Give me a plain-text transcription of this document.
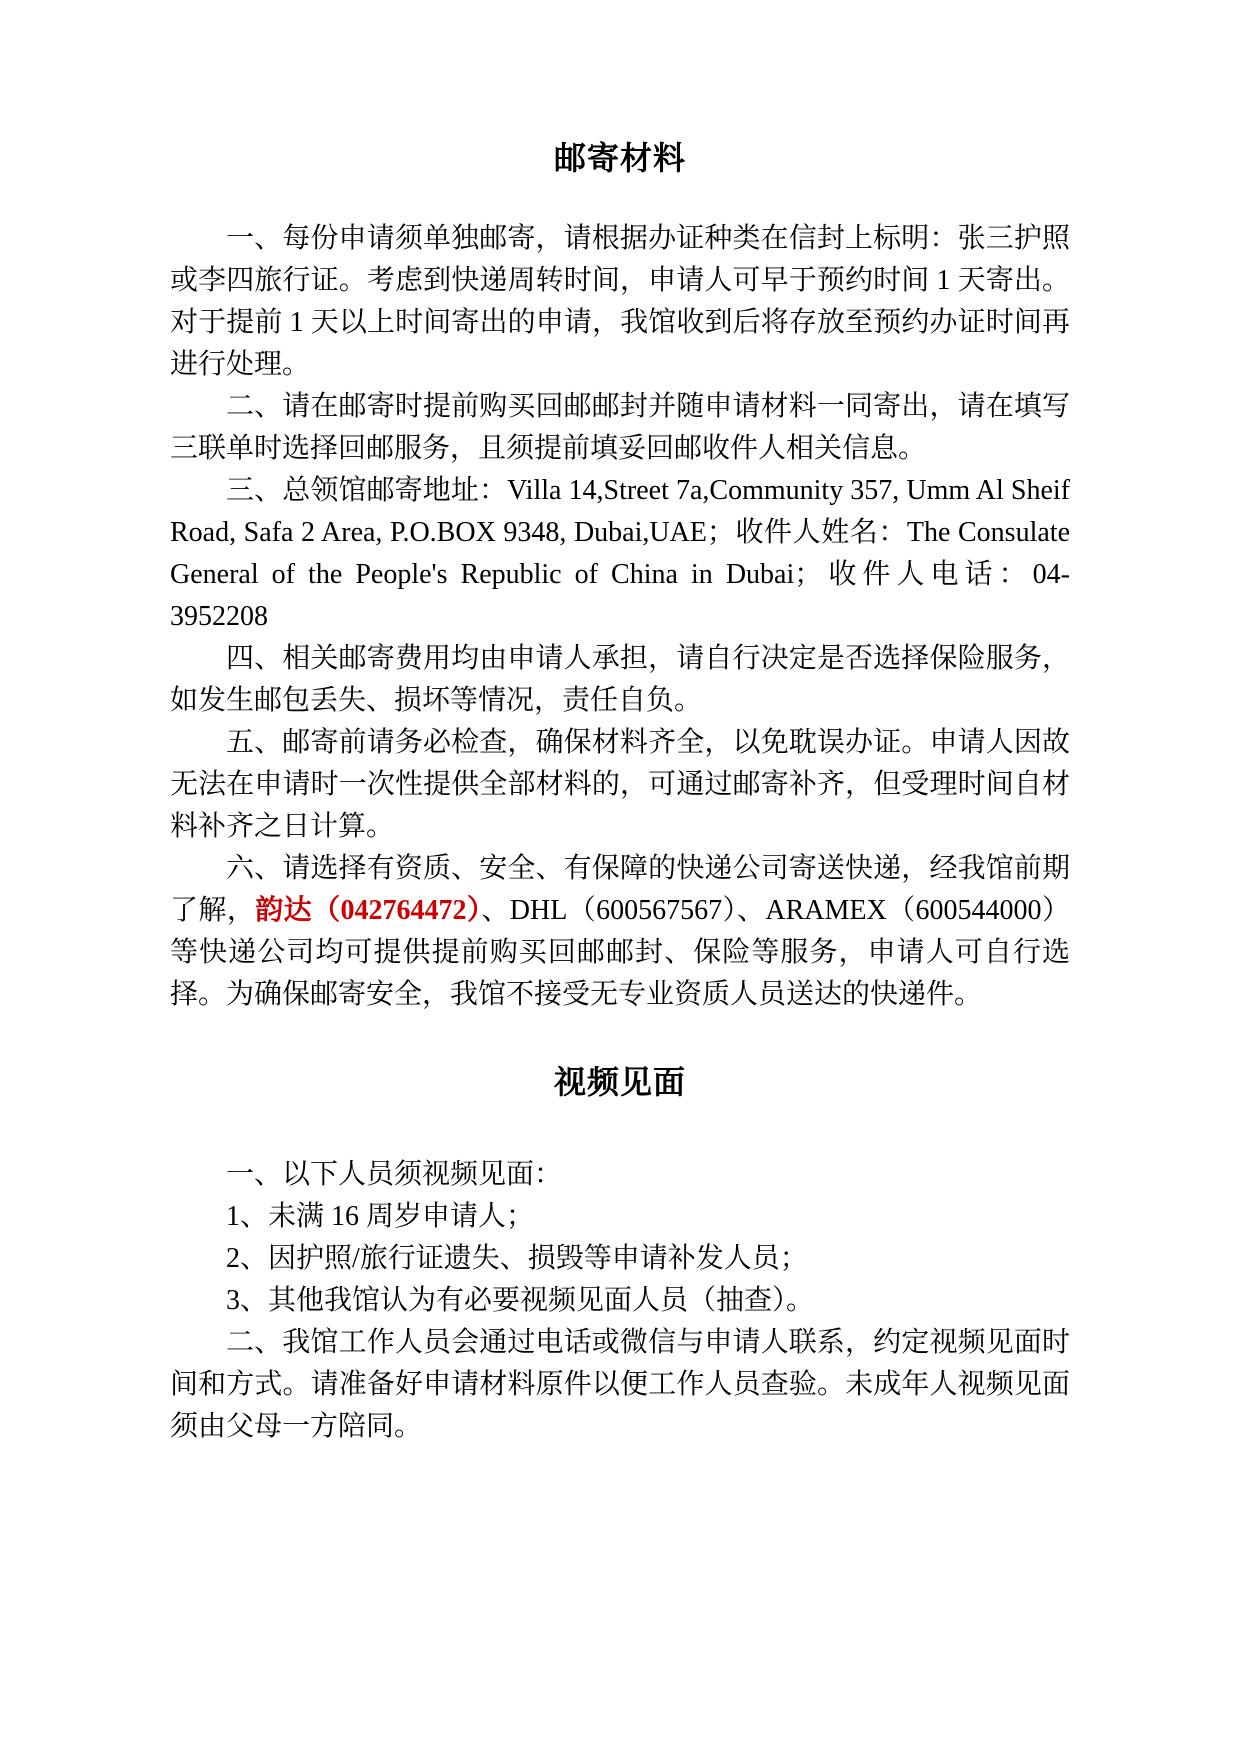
邮寄材料

一、每份申请须单独邮寄，请根据办证种类在信封上标明：张三护照或李四旅行证。考虑到快递周转时间，申请人可早于预约时间 1 天寄出。对于提前 1 天以上时间寄出的申请，我馆收到后将存放至预约办证时间再进行处理。

二、请在邮寄时提前购买回邮邮封并随申请材料一同寄出，请在填写三联单时选择回邮服务，且须提前填妥回邮收件人相关信息。

三、总领馆邮寄地址：Villa 14,Street 7a,Community 357, Umm Al Sheif Road, Safa 2 Area, P.O.BOX 9348, Dubai,UAE；收件人姓名：The Consulate General of the People's Republic of China in Dubai；收件人电话：04-3952208

四、相关邮寄费用均由申请人承担，请自行决定是否选择保险服务，如发生邮包丢失、损坏等情况，责任自负。

五、邮寄前请务必检查，确保材料齐全，以免耽误办证。申请人因故无法在申请时一次性提供全部材料的，可通过邮寄补齐，但受理时间自材料补齐之日计算。

六、请选择有资质、安全、有保障的快递公司寄送快递，经我馆前期了解，韵达（042764472）、DHL（600567567）、ARAMEX（600544000）等快递公司均可提供提前购买回邮邮封、保险等服务，申请人可自行选择。为确保邮寄安全，我馆不接受无专业资质人员送达的快递件。

视频见面

一、以下人员须视频见面：

1、未满 16 周岁申请人；

2、因护照/旅行证遗失、损毁等申请补发人员；

3、其他我馆认为有必要视频见面人员（抽查）。

二、我馆工作人员会通过电话或微信与申请人联系，约定视频见面时间和方式。请准备好申请材料原件以便工作人员查验。未成年人视频见面须由父母一方陪同。
